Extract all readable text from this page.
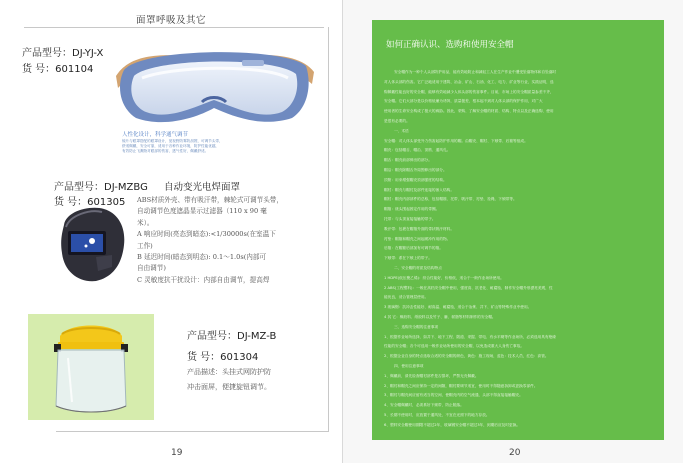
面罩呼吸及其它
产品型号：DJ-YJ-X
货 号：601104
人性化设计，科学通气调节
镜片与眼罩搭配的眼罩设计，宽视野防雾防刮擦，可调节头带，
舒适佩戴，安全可靠，适用于各种作业环境，防护性能优越，
有效防止飞溅物对眼部的伤害，透气性好，佩戴舒适。
产品型号：DJ-MZBG
货 号：601305
自动变光电焊面罩
ABS材质外壳、带有吸汗带，棘轮式可调节头带，
自动调节色度遮晶显示过滤器（110 x 90 毫
米）。
A 响应时间(亮态到暗态):<1/30000s(在室温下
工作)
B 延迟时间(暗态到明态): 0.1～1.0s(内部可
自由调节)
C 灵敏度抗干扰设计：内部自由调节，提高焊
产品型号：DJ-MZ-B
货 号：601304
产品描述：头挂式网防护防
冲击面屏，便捷旋钮调节。
19
如何正确认识、选购和使用安全帽
安全帽作为一种个人头部防护用品，能有效地防止和减轻工人在生产作业中遭受坠落物体和自坠落时
对人体头部的伤害。它广泛地适用于建筑、冶金、矿山、石油、化工、电力、矿业等行业，实践证明，选
购佩戴性能良好的安全帽，能够有效地减少人体头部的伤害事件。目前，市场上的安全帽质量参差不齐，
安全帽。它们大部分是以价格低廉为诱饵，质量极差，根本起不到对人体头部的保护作用，对广大
使用者的生命安全构成了极大的威胁。因此，采购、了解安全帽的材质、结构、特点以及正确选购、使用
是很有必要的。
一、术语
安全帽：对人体头部受外力伤害起防护作用的帽。由帽壳、帽衬、下颏带、后箍等组成。
帽壳：包括帽舌、帽沿、顶筋、通风孔。
帽舌：帽壳前部伸出的部分。
帽沿：帽壳除帽舌外周围伸出的部分。
顶筋：用来增强帽壳顶部强度的结构。
帽衬：帽壳与帽衬及部件连接的嵌入结构。
帽衬：帽壳内部部件的总称，包括帽箍、托带、吸汗带、衬垫、拴绳、下颏带等。
帽箍：绕头围起固定作用的带圈。
托带：与头顶直接接触的带子。
吸汗带：包裹在帽箍外面的带状吸汗材料。
衬垫：帽箍和帽壳之间起缓冲作用的物。
后箍：在帽箍后部加有可调节的箍。
下颏带：系在下颏上的带子。
二、安全帽的材质及结构特点
1 HDPE(低压聚乙烯)：综合性能好，价格低，适合于一般作业场所使用。
2 ABS(工程塑料)：一般在高档安全帽中使用，强度高、抗老化、耐腐蚀，制作安全帽外形漂亮美观，性
能优良，适合管理层使用。
3 玻璃钢：抗冲击性能好、耐高温、耐腐蚀，适合于冶炼、井下、矿山等特殊作业中使用。
4 其 它：橡胶料、纸胶料以及竹子、藤、树脂等材料制作的安全帽。
三、选购安全帽的注意事项
1、根据作业场所选择，如井下、地下工程、隧道、采掘、带电、有水平刷等作业场所，必须选用具有绝缘
性能的安全帽；各个可选用一般作业场所使用的安全帽，以免造成重大人身伤亡事故。
2、根据企业自身的特点选取合适的安全帽的颜色，黄色：施工现场，蓝色：技术人员，红色：高管。
四、使用注意事项
1、佩戴前，请先检查帽衬部件是否损坏，严禁无壳佩戴。
2、帽衬和帽壳之间应保持一定的间隙，帽衬要调节适宜，使用时不得随意拆卸或更换零部件。
3、帽衬与帽壳间应留有适当的空间，使帽壳内的空气流通，头部不得直接接触帽壳。
4、安全帽佩戴时，必须系好下颏带，防止脱落。
5、长期不使用时，应放置于通风处，不宜在光照下的地方存放。
6、塑料安全帽使用期限不超过2年，玻璃钢安全帽不超过3年，到期后应及时更换。
20
